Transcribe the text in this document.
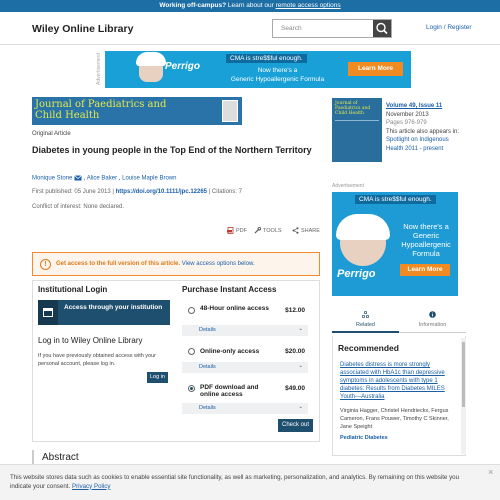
Working off-campus? Learn about our remote access options
Wiley Online Library	Search	Login / Register
Advertisement	Perrigo
CMA is stre$$ful enough.
Now there's a
Generic Hypoallergenic Formula
Learn More
Journal of Paediatrics and
Child Health
Original Article
Diabetes in young people in the Top End of the Northern Territory
Monique Stone , Alice Baker , Louise Maple Brown
First published: 05 June 2013 | https://doi.org/10.1111/jpc.12265 | Citations: 7
Conflict of interest: None declared.
PDF	TOOLS	SHARE
!	Get access to the full version of this article. View access options below.
Institutional Login
Access through your institution
Log in to Wiley Online Library
If you have previously obtained access with your personal account, please log in.
Log in
Purchase Instant Access
48-Hour online access $12.00
Details	⌄
Online-only access	$20.00
Details	⌄
PDF download and online access
$49.00
Details	⌄
Check out
Abstract
Journal of Paediatrics and
Child Health
Volume 49, Issue 11
November 2013
Pages 976-979
This article also appears in:
Spotlight on Indigenous Health 2011 - present
Advertisement
CMA is stre$$ful enough.
Now there's a Generic Hypoallergenic Formula
Learn More
Perrigo
Related	Information
Recommended
Diabetes distress is more strongly associated with HbA1c than depressive symptoms in adolescents with type 1 diabetes: Results from Diabetes MILES Youth—Australia
Virginia Hagger, Christel Hendrieckx, Fergus Cameron, Frans Pouwer, Timothy C Skinner, Jane Speight
Pediatric Diabetes
This website stores data such as cookies to enable essential site functionality, as well as marketing, personalization, and analytics. By remaining on this website you indicate your consent. Privacy Policy
×
